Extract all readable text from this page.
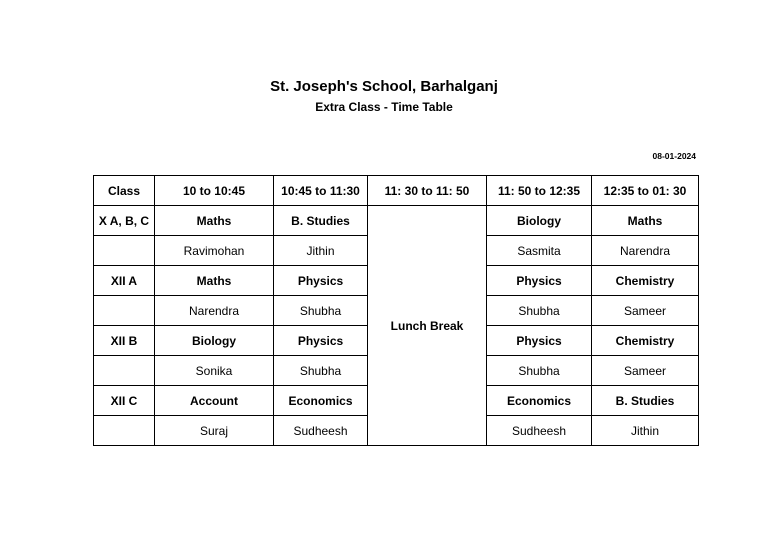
St. Joseph's School, Barhalganj
Extra Class - Time Table
08-01-2024
Class	10 to 10:45	10:45 to 11:30	11: 30 to 11: 50	11: 50 to 12:35	12:35 to 01: 30
X A, B, C	Maths	B. Studies	Lunch Break	Biology	Maths
	Ravimohan	Jithin		Sasmita	Narendra
XII A	Maths	Physics		Physics	Chemistry
	Narendra	Shubha		Shubha	Sameer
XII B	Biology	Physics		Physics	Chemistry
	Sonika	Shubha		Shubha	Sameer
XII C	Account	Economics		Economics	B. Studies
	Suraj	Sudheesh		Sudheesh	Jithin
